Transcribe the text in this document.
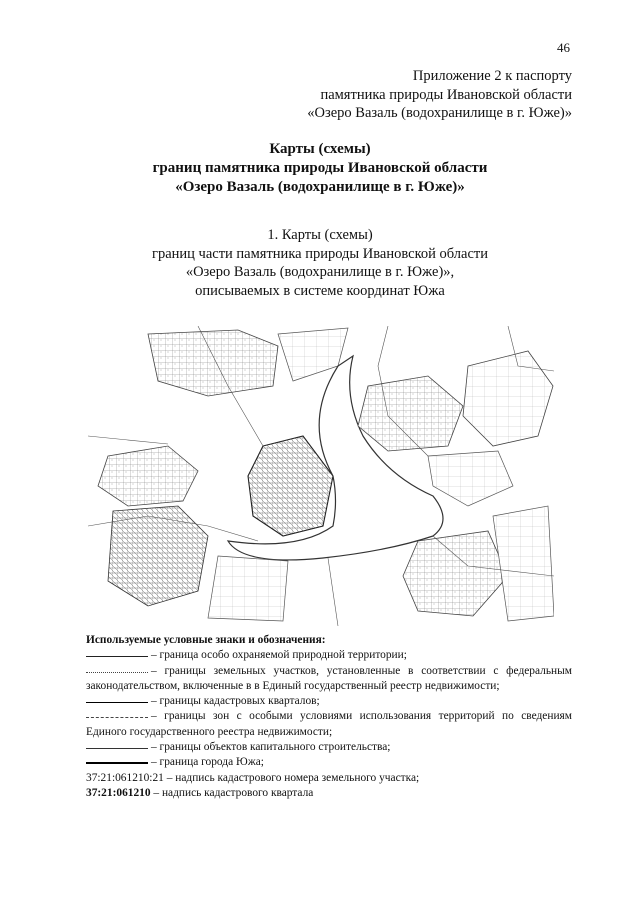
46
Приложение 2 к паспорту
памятника природы Ивановской области
«Озеро Вазаль (водохранилище в г. Юже)»
Карты (схемы)
границ памятника природы Ивановской области
«Озеро Вазаль (водохранилище в г. Юже)»
1. Карты (схемы)
границ части памятника природы Ивановской области
«Озеро Вазаль (водохранилище в г. Юже)»,
описываемых в системе координат Южа
Используемые условные знаки и обозначения:
– граница особо охраняемой природной территории;
– границы земельных участков, установленные в соответствии с федеральным законодательством, включенные в в Единый государственный реестр недвижимости;
– границы кадастровых кварталов;
– границы зон с особыми условиями использования территорий по сведениям Единого государственного реестра недвижимости;
– границы объектов капитального строительства;
– граница города Южа;
37:21:061210:21 – надпись кадастрового номера земельного участка;
37:21:061210 – надпись кадастрового квартала
